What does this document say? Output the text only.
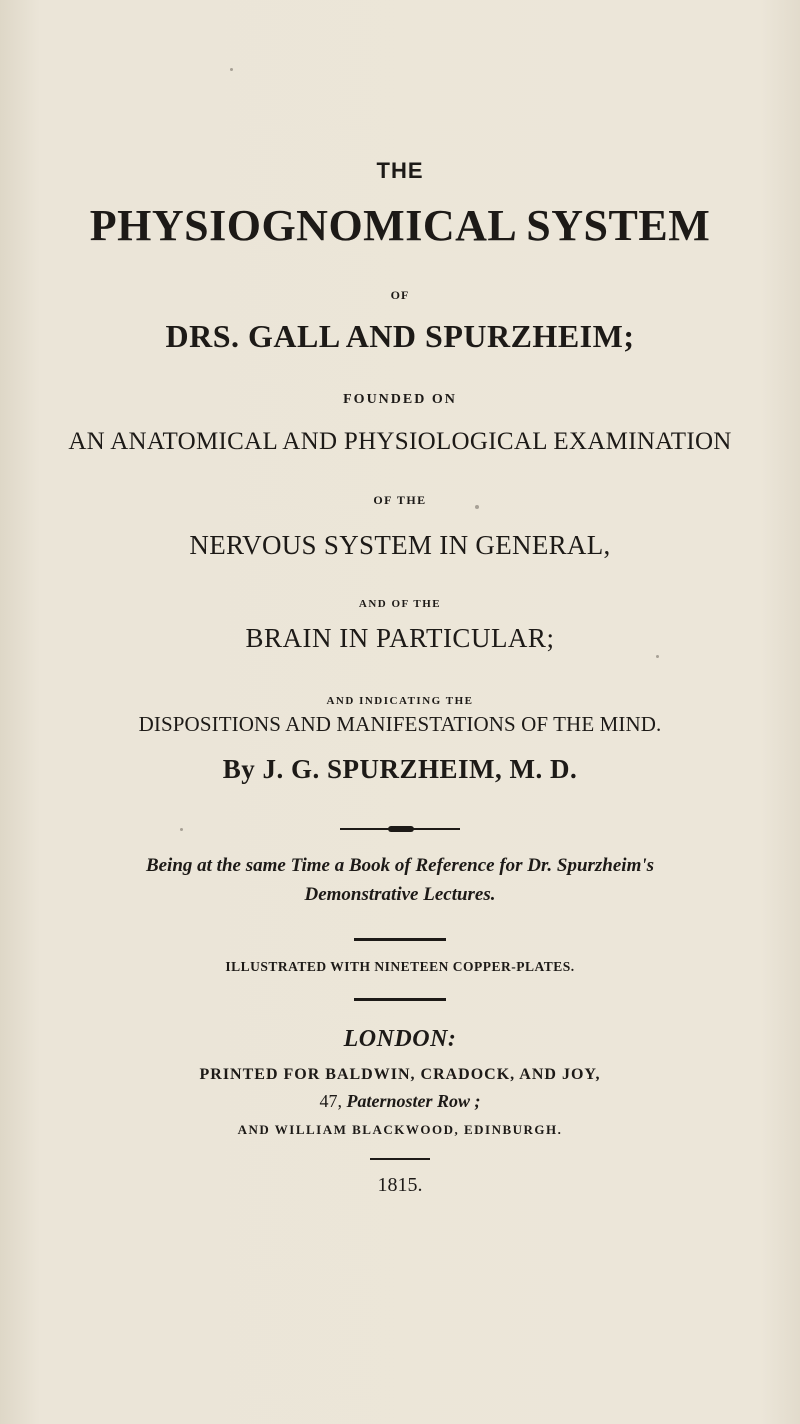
THE
PHYSIOGNOMICAL SYSTEM
OF
DRS. GALL AND SPURZHEIM;
FOUNDED ON
AN ANATOMICAL AND PHYSIOLOGICAL EXAMINATION
OF THE
NERVOUS SYSTEM IN GENERAL,
AND OF THE
BRAIN IN PARTICULAR;
AND INDICATING THE
DISPOSITIONS AND MANIFESTATIONS OF THE MIND.
By J. G. SPURZHEIM, M. D.
Being at the same Time a Book of Reference for Dr. Spurzheim's
Demonstrative Lectures.
ILLUSTRATED WITH NINETEEN COPPER-PLATES.
LONDON:
PRINTED FOR BALDWIN, CRADOCK, AND JOY,
47, Paternoster Row ;
AND WILLIAM BLACKWOOD, EDINBURGH.
1815.
